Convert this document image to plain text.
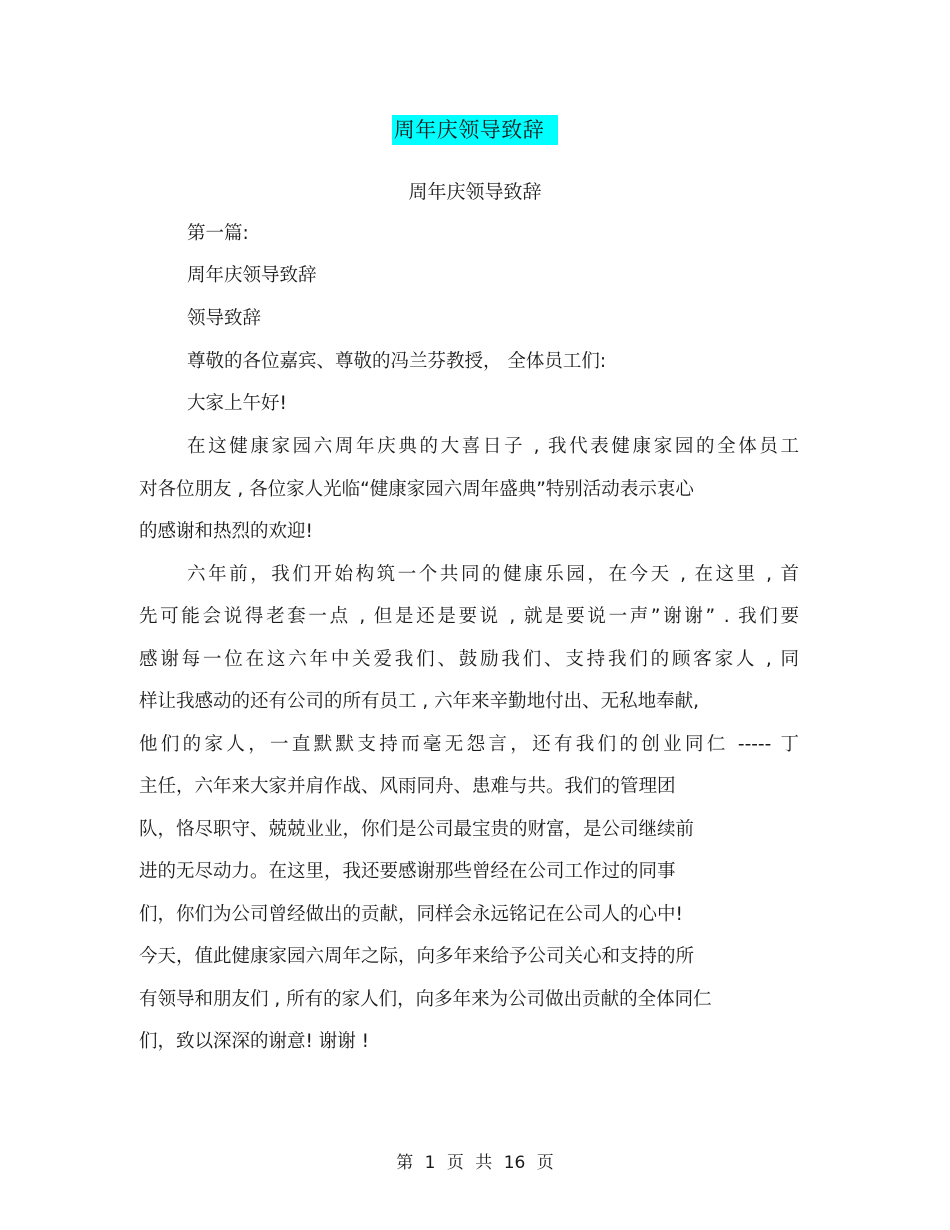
周年庆领导致辞
周年庆领导致辞
第一篇:
周年庆领导致辞
领导致辞
尊敬的各位嘉宾、尊敬的冯兰芬教授， 全体员工们:
大家上午好!
在这健康家园六周年庆典的大喜日子 , 我代表健康家园的全体员工
对各位朋友 , 各位家人光临“健康家园六周年盛典”特别活动表示衷心
的感谢和热烈的欢迎!
六年前，我们开始构筑一个共同的健康乐园，在今天 , 在这里 , 首
先可能会说得老套一点 , 但是还是要说 , 就是要说一声”谢谢” . 我们要
感谢每一位在这六年中关爱我们、鼓励我们、支持我们的顾客家人 , 同
样让我感动的还有公司的所有员工 , 六年来辛勤地付出、无私地奉献,
他们的家人，一直默默支持而毫无怨言，还有我们的创业同仁 ----- 丁
主任，六年来大家并肩作战、风雨同舟、患难与共。我们的管理团
队，恪尽职守、兢兢业业，你们是公司最宝贵的财富，是公司继续前
进的无尽动力。在这里，我还要感谢那些曾经在公司工作过的同事
们，你们为公司曾经做出的贡献，同样会永远铭记在公司人的心中!
今天，值此健康家园六周年之际，向多年来给予公司关心和支持的所
有领导和朋友们 , 所有的家人们，向多年来为公司做出贡献的全体同仁
们，致以深深的谢意! 谢谢 !
第 1 页 共 16 页
